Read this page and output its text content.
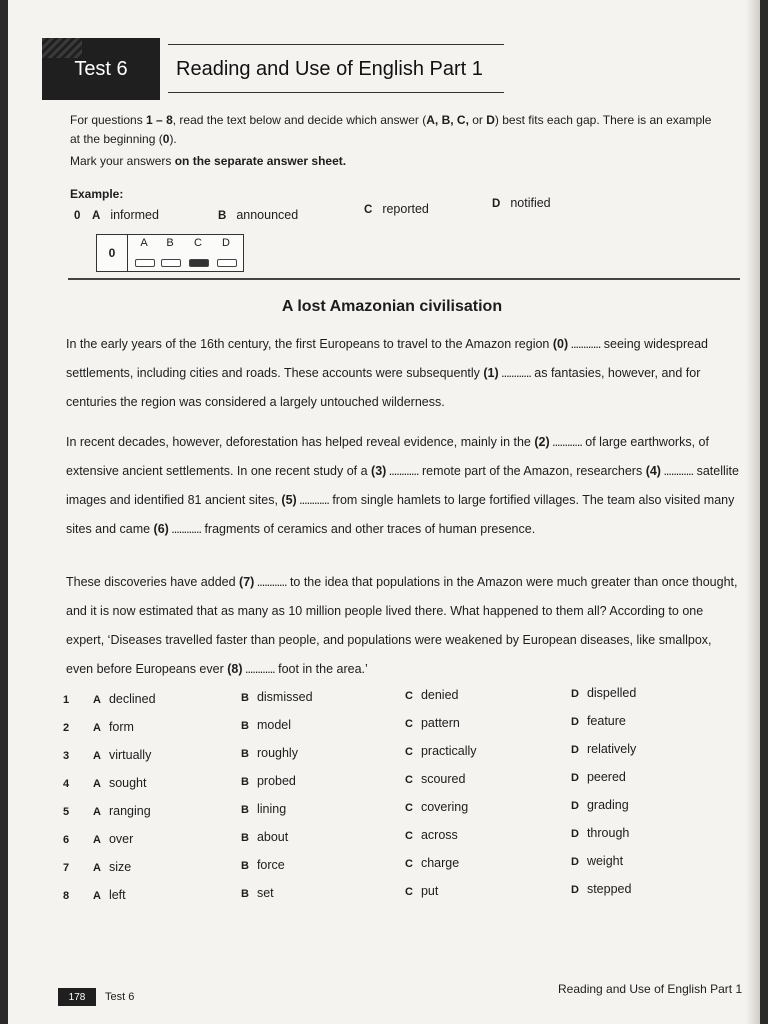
Test 6 Reading and Use of English Part 1
For questions 1 – 8, read the text below and decide which answer (A, B, C, or D) best fits each gap. There is an example
at the beginning (0).
Mark your answers on the separate answer sheet.
Example:
0	A informed	B announced	C reported	D notified
0
A	B	C	D
A lost Amazonian civilisation
In the early years of the 16th century, the first Europeans to travel to the Amazon region (0) ............ seeing widespread settlements, including cities and roads. These accounts were subsequently (1) ............ as fantasies, however, and for centuries the region was considered a largely untouched wilderness.
In recent decades, however, deforestation has helped reveal evidence, mainly in the (2) ............ of large earthworks, of extensive ancient settlements. In one recent study of a (3) ............ remote part of the Amazon, researchers (4) ............ satellite images and identified 81 ancient sites, (5) ............ from single hamlets to large fortified villages. The team also visited many sites and came (6) ............ fragments of ceramics and other traces of human presence.
These discoveries have added (7) ............ to the idea that populations in the Amazon were much greater than once thought, and it is now estimated that as many as 10 million people lived there. What happened to them all? According to one expert, ‘Diseases travelled faster than people, and populations were weakened by European diseases, like smallpox, even before Europeans ever (8) ............ foot in the area.’
1 A declined	B dismissed	C denied	D dispelled
2 A form	B model	C pattern	D feature
3 A virtually	B roughly	C practically	D relatively
4 A sought	B probed	C scoured	D peered
5 A ranging	B lining	C covering	D grading
6 A over	B about	C across	D through
7 A size	B force	C charge	D weight
8 A left	B set	C put	D stepped
178 Test 6
Reading and Use of English Part 1
